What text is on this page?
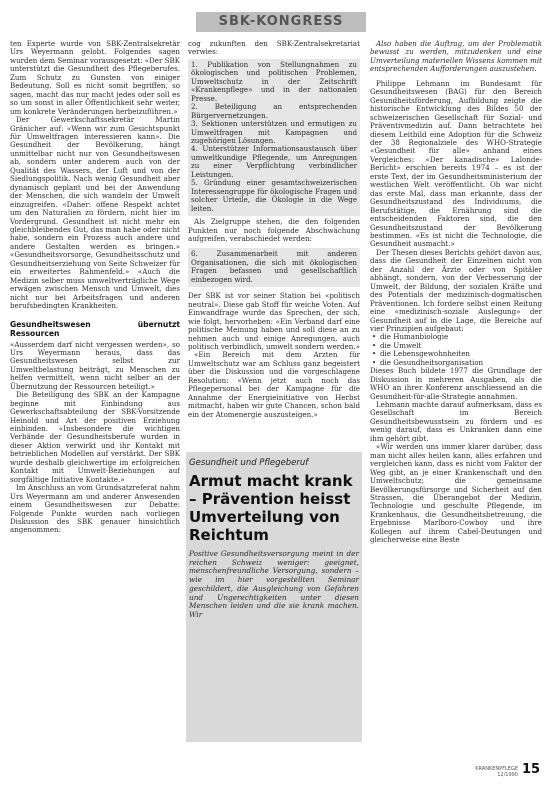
SBK-KONGRESS

ten Experte wurde von SBK-Zentralsekretär Urs Weyermann gelobt. Folgendes sagen wurden dem Seminar vorausgesetzt: «Der SBK unterstützt die Gesundheit des Pflegeberufes. Zum Schutz zu Gunsten von einiger Bedeutung. Soll es nicht somit begriffen, so sagen, macht das nur macht jedes oder soll es so um sonst in aller Öffentlichkeit sehr weiter, um konkrete Veränderungen herbeizuführen.»

Der Gewerkschaftssekretär Martin Gränicher auf: «Wenn wir zum Gesichtspunkt für Umweltfragen interessieren kann». Die Gesundheit der Bevölkerung, hängt unmittelbar nicht nur von Gesundheitswesen ab, sondern unter anderem auch von der Qualität des Wassers, der Luft und von der Siedlungspolitik. Nach wenig Gesundheit aber dynamisch geplant und bei der Anwendung der Menschen, die sich wandeln der Umwelt einzugreifen. «Daher: offene Respekt achtet um den Naturalien zu fördern, nicht hier im Vordergrund. Gesundheit ist nicht mehr ein gleichbleibendes Gut, das man habe oder nicht habe, sondern ein Prozess auch andere und andere Gestalten werden es bringen.» «Gesundheitsvorsorge, Gesundheitsschutz und Gesundheitserziehung von Seite Schweizer für ein erweitertes Rahmenfeld.» «Auch die Medizin selber muss umweltverträgliche Wege erwägen zwischen Mensch und Umwelt, dies nicht nur bei Arbeitsfragen und anderen berufsbedingten Krankheiten.

Gesundheitswesen übernutzt Ressourcen

«Ausserdem darf nicht vergessen werden», so Urs Weyermann heraus, dass das Gesundheitswesen selbst zur Umweltbelastung beiträgt, zu Menschen zu helfen vermittelt, wenn nicht selber an der Übernutzung der Ressourcen beteiligt.»

Die Beteiligung des SBK an der Kampagne beginne mit Einbindung aus Gewerkschaftsabteilung der SBK-Vorsitzende Heinold und Art der positiven Erziehung einbinden. «Insbesondere die wichtigen Verbände der Gesundheitsberufe wurden in dieser Aktion verwirkt und ihr Kontakt mit betrieblichen Modellen auf verstärkt. Der SBK wurde deshalb gleichwertige im erfolgreichen Kontakt mit Umwelt-Beziehungen auf sorgfältige Initiative Kontakte.»

Im Anschluss an vom Grundsatzreferat nahm Urs Weyermann am und anderer Anwesenden einem Gesundheitswesen zur Debatte: Folgende Punkte wurden nach vorliegen Diskussion des SBK genauer hinsichtlich angenommen:

cog zukunften den SBK-Zentralsekretariat verwies:

1. Publikation von Stellungnahmen zu ökologischen und politischen Problemen, Umweltschutz in der Zeitschrift «Krankenpflege» und in der nationalen Presse.

2. Beteiligung an entsprechenden Bürgervernetzungen.

3. Sektionen unterstützen und ermutigen zu Umweltfragen mit Kampagnen und zugehörigen Lösungen.

4. Unterstützer Informationsaustausch über umweltkundige Pflegende, um Anregungen zu einer Verpflichtung verbindlicher Leistungen.

5. Gründung einer gesamtschweizerischen Interessengruppe für ökologische Fragen und solcher Urteile, die Ökologie in die Wege leiten.

Als Zielgruppe stehen, die den folgenden Punkten nur noch folgende Abschwächung aufgreifen, verabschiedet werden:

6. Zusammenarbeit mit anderen Organisationen, die sich mit ökologischen Fragen befassen und gesellschaftlich einbezogen wird.

Der SBK ist vor seiner Station bei «politisch neutral». Diese gab Stoff für weiche Voten. Auf Einwandfrage wurde das Sprechen, der sich, wie folgt, hervorheben: «Ein Verband darf eine politische Meinung haben und soll diese an zu nehmen auch und einige Anregungen, auch politisch verbindlich, umwelt sondern werden.»

«Ein Bereich mit dem Arzten für Umweltschutz war am Schluss ganz begeistert über die Diskussion und die vorgeschlagene Resolution: «Wenn jetzt auch noch das Pflegepersonal bei der Kampagne für die Annahme der Energieinitiative von Herbst mitmacht, haben wir gute Chancen, schon bald ein der Atomenergie auszusteigen.»

Gesundheit und Pflegeberuf
Armut macht krank – Prävention heisst Umverteilung von Reichtum
Positive Gesundheitsversorgung meint in der reichen Schweiz weniger: geeignet, menschenfreundliche Versorgung, sondern – wie im hier vorgestellten Seminar geschildert, die Ausgleichung von Gefahren und Ungerechtigkeiten unter diesen Menschen leiden und die sie krank machen. Wir

Also haben die Auftrag, um der Problematik bewusst zu werden, mitzudenken und eine Umverteilung materiellen Wissens kommen mit entsprechenden Aufforderungen auszustehen.

Philippe Lehmann im Bundesamt für Gesundheitswesen (BAG) für den Bereich Gesundheitsförderung, Aufbildung zeigte die historische Entwicklung des Bildes 50 der schweizerischen Gesellschaft für Sozial- und Präventivmedizin auf. Dann betrachtete bei diesem Leitbild eine Adoption für die Schweiz der 38 Regionalziele des WHO-Strategie «Gesundheit für alle» anhand eines Vergleiches: «Der kanadische» Lalonde-Bericht» erschien bereits 1974 – es ist der erste Text, der im Gesundheitsministerium der westlichen Welt veröffentlicht. Ob war nicht das erste Mal, dass man erkannte, dass der Gesundheitszustand des Individuums, die Berufstätige, die Ernährung sind die entscheidenden Faktoren sind, die den Gesundheitszustand der Bevölkerung bestimmen. «Es ist nicht die Technologie, die Gesundheit ausmacht.»

Der Thesen dieses Berichts gehört davon aus, dass die Gesundheit der Einzelnen nicht von der Anzahl der Ärzte oder von Spitäler abhängt, sondern, von der Verbesserung der Umwelt, der Bildung, der sozialen Kräfte und des Potentials der medizinisch-dogmatischen Präventionen. Ich fordere selbst einen Reitung eine «medizinisch-soziale Auslegung» der Gesundheit auf in die Lage, die Bereiche auf vier Prinzipien aufgebaut:

• die Humanbiologie
• die Umwelt
• die Lebensgewohnheiten
• die Gesundheitsorganisation

Dieses Buch bildete 1977 die Grundlage der Diskussion in mehreren Ausgaben, als die WHO an ihrer Konferenz anschliessend an die Gesundheit-für-alle-Strategie annahmen.

Lehmann machte darauf aufmerksam, dass es Gesellschaft im Bereich Gesundheitsbewusstsein zu fördern und es wenig darauf, dass es Unkranken dann eine ihm gehört gibt.

«Wir werden uns immer klarer darüber, dass man nicht alles heilen kann, alles erfahren und vergleichen kann, dass es nicht vom Faktor der Weg gibt, an je einer Krankenschaft und den Umweltschutz; die gemeinsame Bevölkerungsfürsorge und Sicherheit auf den Strassen, die Überangebot der Medizin, Technologie und geschulte Pflegende, im Krankenhaus, die Gesundheitsbetreuung, die Ergebnisse Marlboro-Cowboy und ihre Kollegen auf ihrem Cabel-Deutungen und gleicherweise eine Beste

KRANKENPFLEGE 12/1990 15
